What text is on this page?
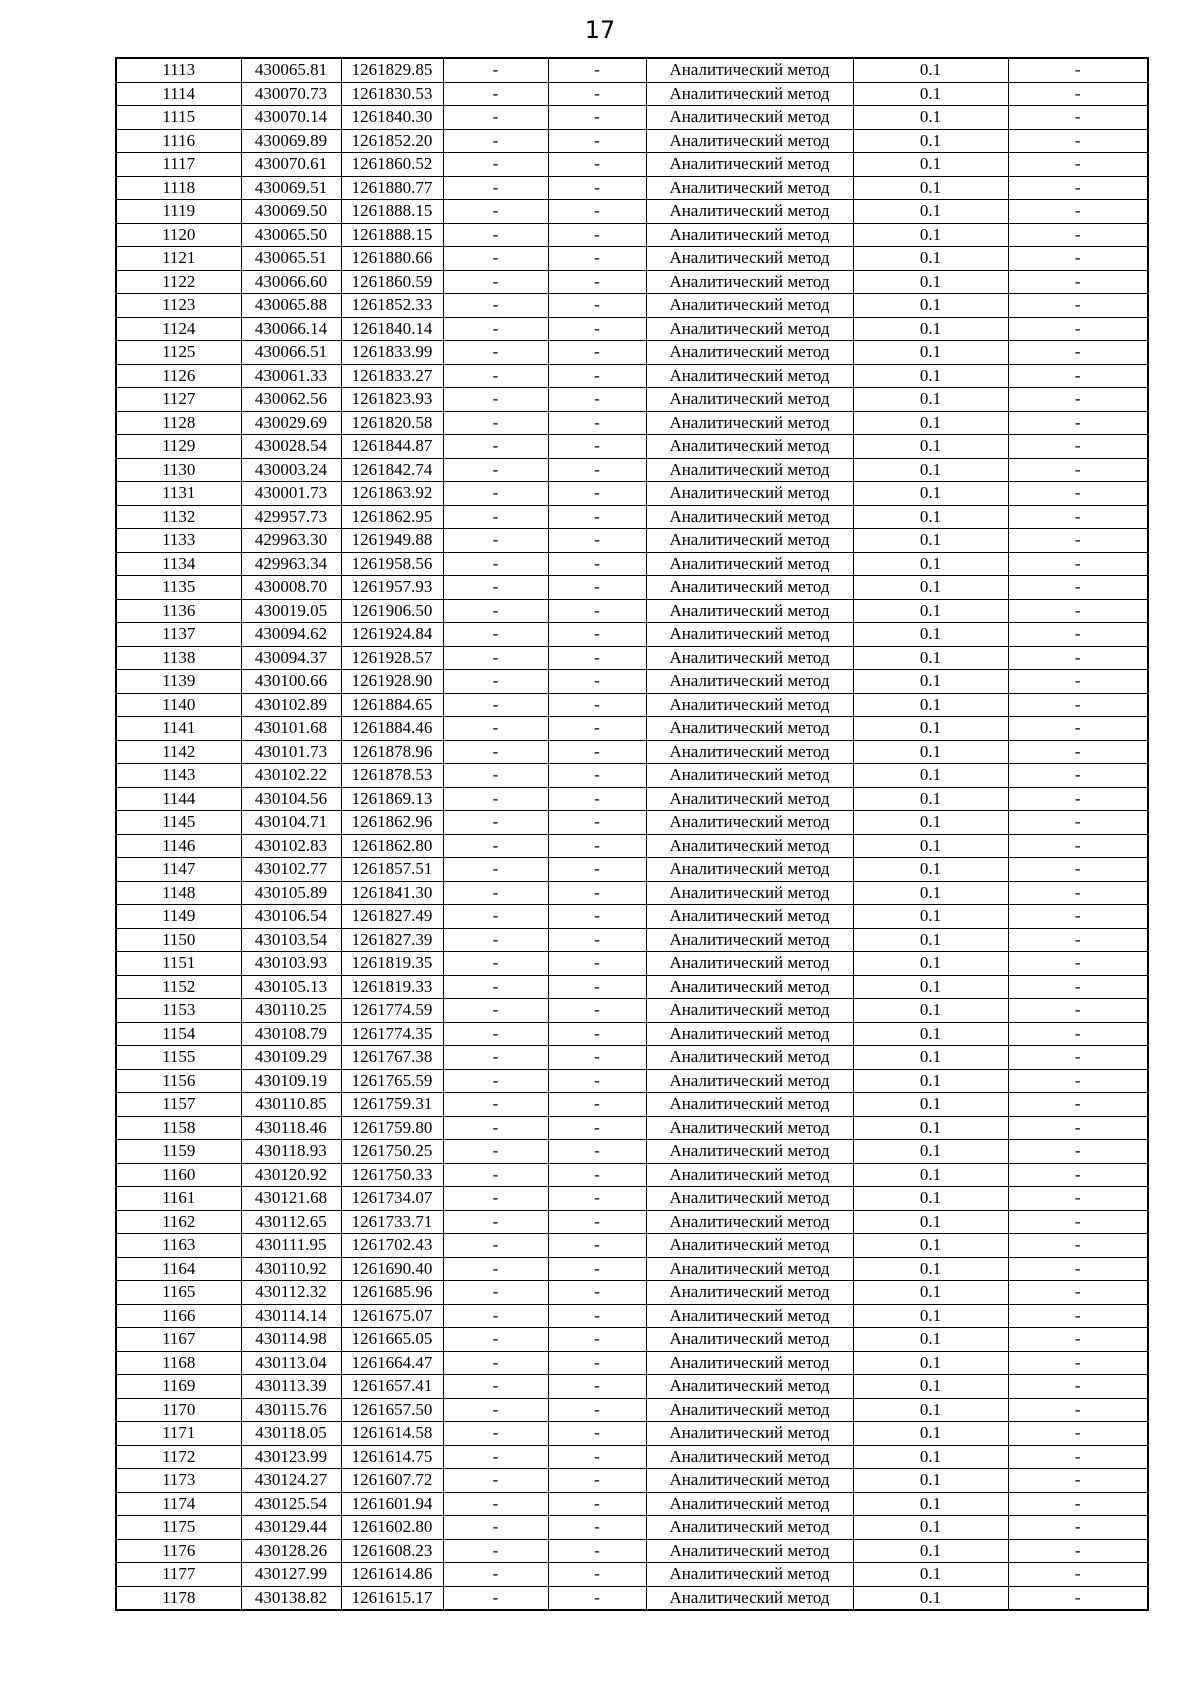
17
1113	430065.81	1261829.85	-	-	Аналитический метод	0.1	-
1114	430070.73	1261830.53	-	-	Аналитический метод	0.1	-
1115	430070.14	1261840.30	-	-	Аналитический метод	0.1	-
1116	430069.89	1261852.20	-	-	Аналитический метод	0.1	-
1117	430070.61	1261860.52	-	-	Аналитический метод	0.1	-
1118	430069.51	1261880.77	-	-	Аналитический метод	0.1	-
1119	430069.50	1261888.15	-	-	Аналитический метод	0.1	-
1120	430065.50	1261888.15	-	-	Аналитический метод	0.1	-
1121	430065.51	1261880.66	-	-	Аналитический метод	0.1	-
1122	430066.60	1261860.59	-	-	Аналитический метод	0.1	-
1123	430065.88	1261852.33	-	-	Аналитический метод	0.1	-
1124	430066.14	1261840.14	-	-	Аналитический метод	0.1	-
1125	430066.51	1261833.99	-	-	Аналитический метод	0.1	-
1126	430061.33	1261833.27	-	-	Аналитический метод	0.1	-
1127	430062.56	1261823.93	-	-	Аналитический метод	0.1	-
1128	430029.69	1261820.58	-	-	Аналитический метод	0.1	-
1129	430028.54	1261844.87	-	-	Аналитический метод	0.1	-
1130	430003.24	1261842.74	-	-	Аналитический метод	0.1	-
1131	430001.73	1261863.92	-	-	Аналитический метод	0.1	-
1132	429957.73	1261862.95	-	-	Аналитический метод	0.1	-
1133	429963.30	1261949.88	-	-	Аналитический метод	0.1	-
1134	429963.34	1261958.56	-	-	Аналитический метод	0.1	-
1135	430008.70	1261957.93	-	-	Аналитический метод	0.1	-
1136	430019.05	1261906.50	-	-	Аналитический метод	0.1	-
1137	430094.62	1261924.84	-	-	Аналитический метод	0.1	-
1138	430094.37	1261928.57	-	-	Аналитический метод	0.1	-
1139	430100.66	1261928.90	-	-	Аналитический метод	0.1	-
1140	430102.89	1261884.65	-	-	Аналитический метод	0.1	-
1141	430101.68	1261884.46	-	-	Аналитический метод	0.1	-
1142	430101.73	1261878.96	-	-	Аналитический метод	0.1	-
1143	430102.22	1261878.53	-	-	Аналитический метод	0.1	-
1144	430104.56	1261869.13	-	-	Аналитический метод	0.1	-
1145	430104.71	1261862.96	-	-	Аналитический метод	0.1	-
1146	430102.83	1261862.80	-	-	Аналитический метод	0.1	-
1147	430102.77	1261857.51	-	-	Аналитический метод	0.1	-
1148	430105.89	1261841.30	-	-	Аналитический метод	0.1	-
1149	430106.54	1261827.49	-	-	Аналитический метод	0.1	-
1150	430103.54	1261827.39	-	-	Аналитический метод	0.1	-
1151	430103.93	1261819.35	-	-	Аналитический метод	0.1	-
1152	430105.13	1261819.33	-	-	Аналитический метод	0.1	-
1153	430110.25	1261774.59	-	-	Аналитический метод	0.1	-
1154	430108.79	1261774.35	-	-	Аналитический метод	0.1	-
1155	430109.29	1261767.38	-	-	Аналитический метод	0.1	-
1156	430109.19	1261765.59	-	-	Аналитический метод	0.1	-
1157	430110.85	1261759.31	-	-	Аналитический метод	0.1	-
1158	430118.46	1261759.80	-	-	Аналитический метод	0.1	-
1159	430118.93	1261750.25	-	-	Аналитический метод	0.1	-
1160	430120.92	1261750.33	-	-	Аналитический метод	0.1	-
1161	430121.68	1261734.07	-	-	Аналитический метод	0.1	-
1162	430112.65	1261733.71	-	-	Аналитический метод	0.1	-
1163	430111.95	1261702.43	-	-	Аналитический метод	0.1	-
1164	430110.92	1261690.40	-	-	Аналитический метод	0.1	-
1165	430112.32	1261685.96	-	-	Аналитический метод	0.1	-
1166	430114.14	1261675.07	-	-	Аналитический метод	0.1	-
1167	430114.98	1261665.05	-	-	Аналитический метод	0.1	-
1168	430113.04	1261664.47	-	-	Аналитический метод	0.1	-
1169	430113.39	1261657.41	-	-	Аналитический метод	0.1	-
1170	430115.76	1261657.50	-	-	Аналитический метод	0.1	-
1171	430118.05	1261614.58	-	-	Аналитический метод	0.1	-
1172	430123.99	1261614.75	-	-	Аналитический метод	0.1	-
1173	430124.27	1261607.72	-	-	Аналитический метод	0.1	-
1174	430125.54	1261601.94	-	-	Аналитический метод	0.1	-
1175	430129.44	1261602.80	-	-	Аналитический метод	0.1	-
1176	430128.26	1261608.23	-	-	Аналитический метод	0.1	-
1177	430127.99	1261614.86	-	-	Аналитический метод	0.1	-
1178	430138.82	1261615.17	-	-	Аналитический метод	0.1	-
